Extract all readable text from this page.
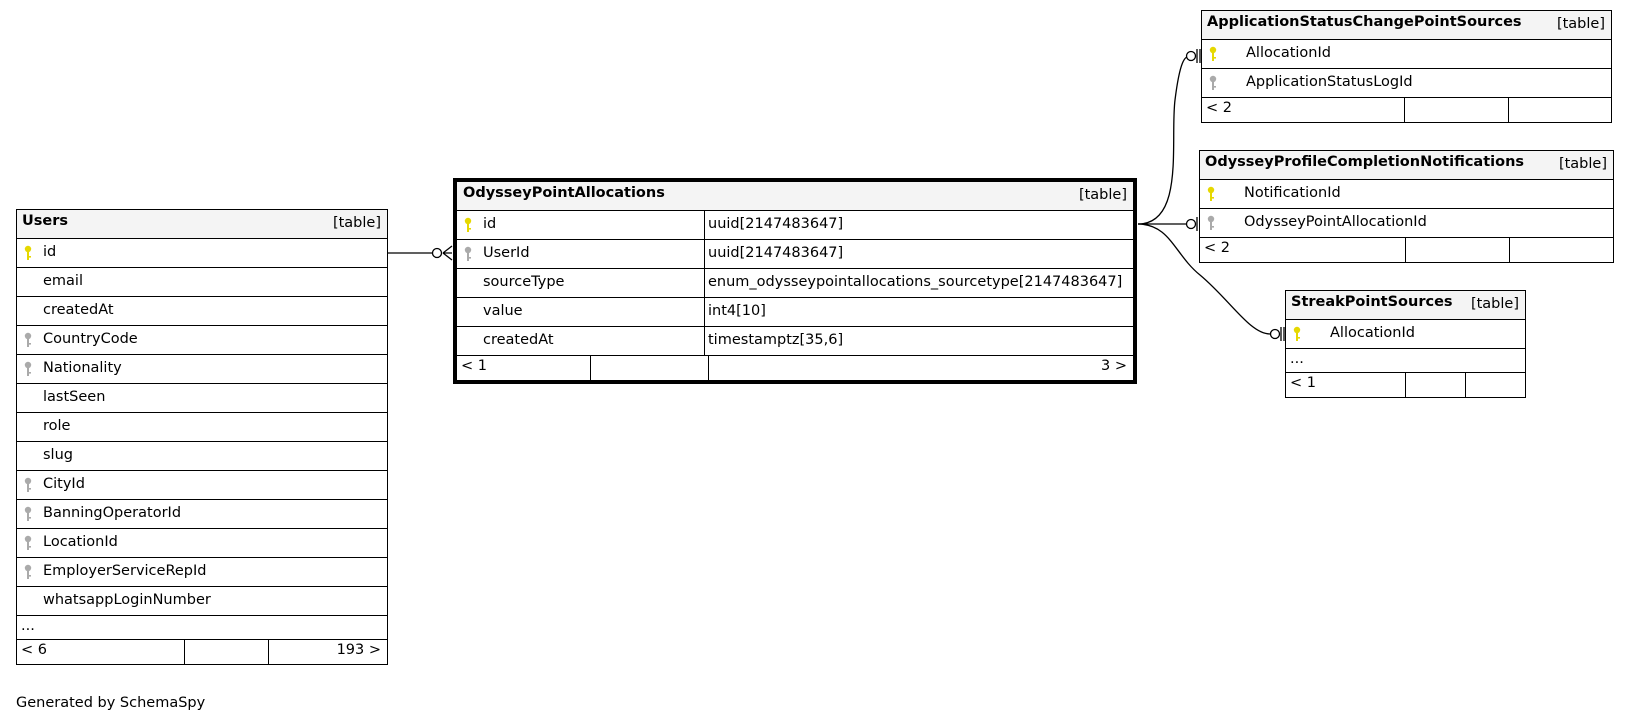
Users	[table]
id
email
createdAt
CountryCode
Nationality
lastSeen
role
slug
CityId
BanningOperatorId
LocationId
EmployerServiceRepId
whatsappLoginNumber
...
< 6	193 >
OdysseyPointAllocations	[table]
id	uuid[2147483647]
UserId	uuid[2147483647]
sourceType	enum_odysseypointallocations_sourcetype[2147483647]
value	int4[10]
createdAt	timestamptz[35,6]
< 1	3 >
ApplicationStatusChangePointSources [table]
AllocationId
ApplicationStatusLogId
< 2
OdysseyProfileCompletionNotifications [table]
NotificationId
OdysseyPointAllocationId
< 2
StreakPointSources [table]
AllocationId
...
< 1
Generated by SchemaSpy
